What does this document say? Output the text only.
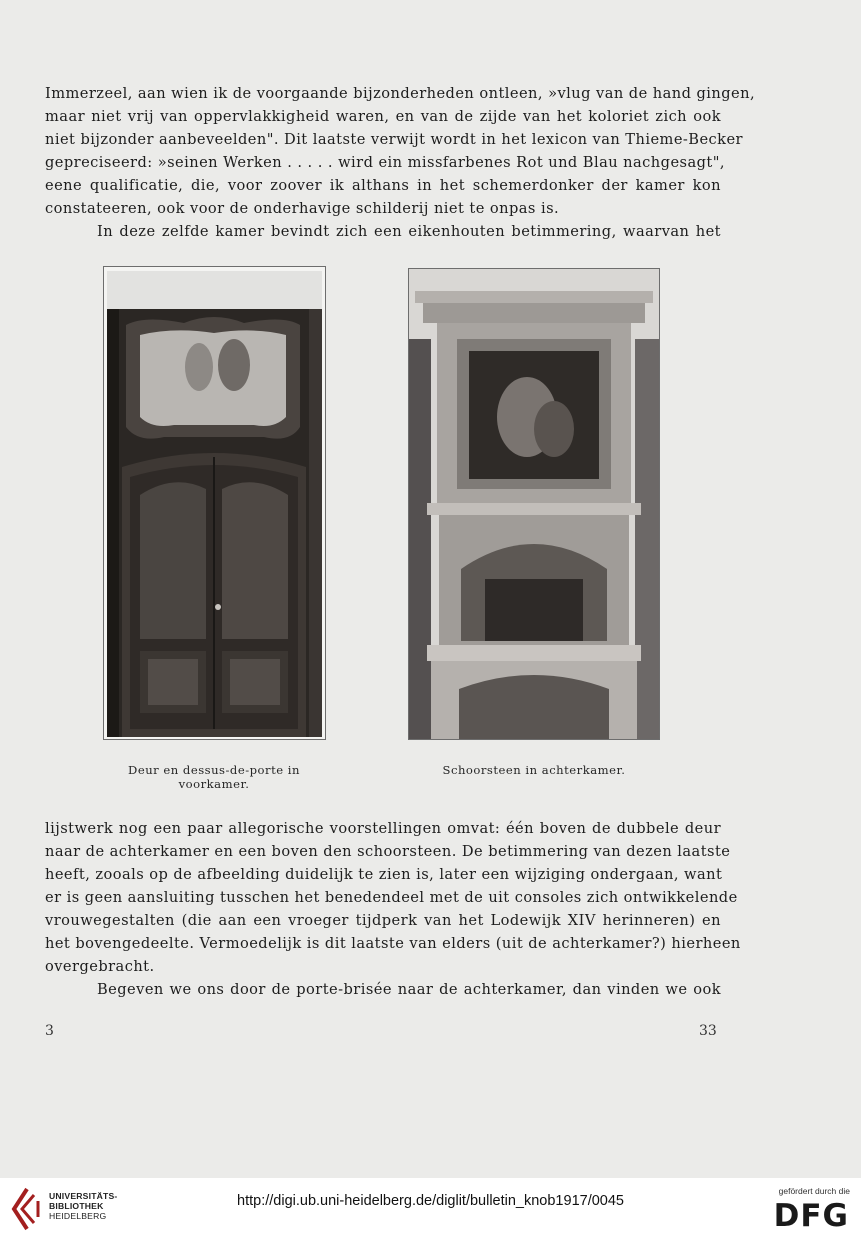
Immerzeel, aan wien ik de voorgaande bijzonderheden ontleen, »vlug van de hand gingen,
maar niet vrij van oppervlakkigheid waren, en van de zijde van het koloriet zich ook
niet bijzonder aanbeveelden". Dit laatste verwijt wordt in het lexicon van Thieme-Becker
gepreciseerd: »seinen Werken . . . . . wird ein missfarbenes Rot und Blau nachgesagt",
eene qualificatie, die, voor zoover ik althans in het schemerdonker der kamer kon
constateeren, ook voor de onderhavige schilderij niet te onpas is.
In deze zelfde kamer bevindt zich een eikenhouten betimmering, waarvan het

Deur en dessus-de-porte in
voorkamer.
Schoorsteen in achterkamer.

lijstwerk nog een paar allegorische voorstellingen omvat: één boven de dubbele deur
naar de achterkamer en een boven den schoorsteen. De betimmering van dezen laatste
heeft, zooals op de afbeelding duidelijk te zien is, later een wijziging ondergaan, want
er is geen aansluiting tusschen het benedendeel met de uit consoles zich ontwikkelende
vrouwegestalten (die aan een vroeger tijdperk van het Lodewijk XIV herinneren) en
het bovengedeelte. Vermoedelijk is dit laatste van elders (uit de achterkamer?) hierheen
overgebracht.
Begeven we ons door de porte-brisée naar de achterkamer, dan vinden we ook

3	33
UNIVERSITÄTS-
BIBLIOTHEK
HEIDELBERG
http://digi.ub.uni-heidelberg.de/diglit/bulletin_knob1917/0045
gefördert durch die
DFG
